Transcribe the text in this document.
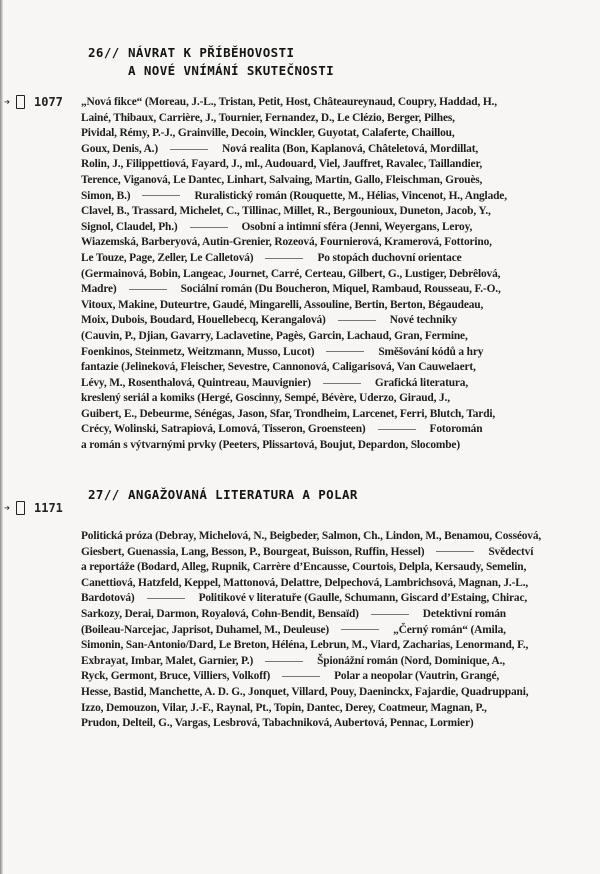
26// NÁVRAT K PŘÍBĚHOVOSTI
A NOVÉ VNÍMÁNÍ SKUTEČNOSTI
➔	1077 „Nová fikce“ (Moreau, J.-L., Tristan, Petit, Host, Châteaureynaud, Coupry, Haddad, H.,
Lainé, Thibaux, Carrière, J., Tournier, Fernandez, D., Le Clézio, Berger, Pilhes,
Pividal, Rémy, P.-J., Grainville, Decoin, Winckler, Guyotat, Calaferte, Chaillou,
Goux, Denis, A.)	Nová realita (Bon, Kaplanová, Châteletová, Mordillat,
Rolin, J., Filippettiová, Fayard, J., ml., Audouard, Viel, Jauffret, Ravalec, Taillandier,
Terence, Viganová, Le Dantec, Linhart, Salvaing, Martin, Gallo, Fleischman, Grouès,
Simon, B.)	Ruralistický román (Rouquette, M., Hélias, Vincenot, H., Anglade,
Clavel, B., Trassard, Michelet, C., Tillinac, Millet, R., Bergounioux, Duneton, Jacob, Y.,
Signol, Claudel, Ph.)	Osobní a intimní sféra (Jenni, Weyergans, Leroy,
Wiazemská, Barberyová, Autin-Grenier, Rozeová, Fournierová, Kramerová, Fottorino,
Le Touze, Page, Zeller, Le Calletová)	Po stopách duchovní orientace
(Germainová, Bobin, Langeac, Journet, Carré, Certeau, Gilbert, G., Lustiger, Debrêlová,
Madre)	Sociální román (Du Boucheron, Miquel, Rambaud, Rousseau, F.-O.,
Vitoux, Makine, Duteurtre, Gaudé, Mingarelli, Assouline, Bertin, Berton, Bégaudeau,
Moix, Dubois, Boudard, Houellebecq, Kerangalová)	Nové techniky
(Cauvin, P., Djian, Gavarry, Laclavetine, Pagès, Garcin, Lachaud, Gran, Fermine,
Foenkinos, Steinmetz, Weitzmann, Musso, Lucot)	Směšování kódů a hry
fantazie (Jelineková, Fleischer, Sevestre, Cannonová, Caligarisová, Van Cauwelaert,
Lévy, M., Rosenthalová, Quintreau, Mauvignier)	Grafická literatura,
kreslený seriál a komiks (Hergé, Goscinny, Sempé, Bévère, Uderzo, Giraud, J.,
Guibert, E., Debeurme, Sénégas, Jason, Sfar, Trondheim, Larcenet, Ferri, Blutch, Tardi,
Crécy, Wolinski, Satrapiová, Lomová, Tisseron, Groensteen)	Fotoromán
a román s výtvarnými prvky (Peeters, Plissartová, Boujut, Depardon, Slocombe)
27// ANGAŽOVANÁ LITERATURA A POLAR
➔	1171
Politická próza (Debray, Michelová, N., Beigbeder, Salmon, Ch., Lindon, M., Benamou, Cosséová,
Giesbert, Guenassia, Lang, Besson, P., Bourgeat, Buisson, Ruffin, Hessel)	Svědectví
a reportáže (Bodard, Alleg, Rupnik, Carrère d’Encausse, Courtois, Delpla, Kersaudy, Semelin,
Canettiová, Hatzfeld, Keppel, Mattonová, Delattre, Delpechová, Lambrichsová, Magnan, J.-L.,
Bardotová)	Politikové v literatuře (Gaulle, Schumann, Giscard d’Estaing, Chirac,
Sarkozy, Derai, Darmon, Royalová, Cohn-Bendit, Bensaïd)	Detektivní román
(Boileau-Narcejac, Japrisot, Duhamel, M., Deuleuse)	„Černý román“ (Amila,
Simonin, San-Antonio/Dard, Le Breton, Héléna, Lebrun, M., Viard, Zacharias, Lenormand, F.,
Exbrayat, Imbar, Malet, Garnier, P.)	Špionážní román (Nord, Dominique, A.,
Ryck, Germont, Bruce, Villiers, Volkoff)	Polar a neopolar (Vautrin, Grangé,
Hesse, Bastid, Manchette, A. D. G., Jonquet, Villard, Pouy, Daeninckx, Fajardie, Quadruppani,
Izzo, Demouzon, Vilar, J.-F., Raynal, Pt., Topin, Dantec, Derey, Coatmeur, Magnan, P.,
Prudon, Delteil, G., Vargas, Lesbrová, Tabachniková, Aubertová, Pennac, Lormier)
